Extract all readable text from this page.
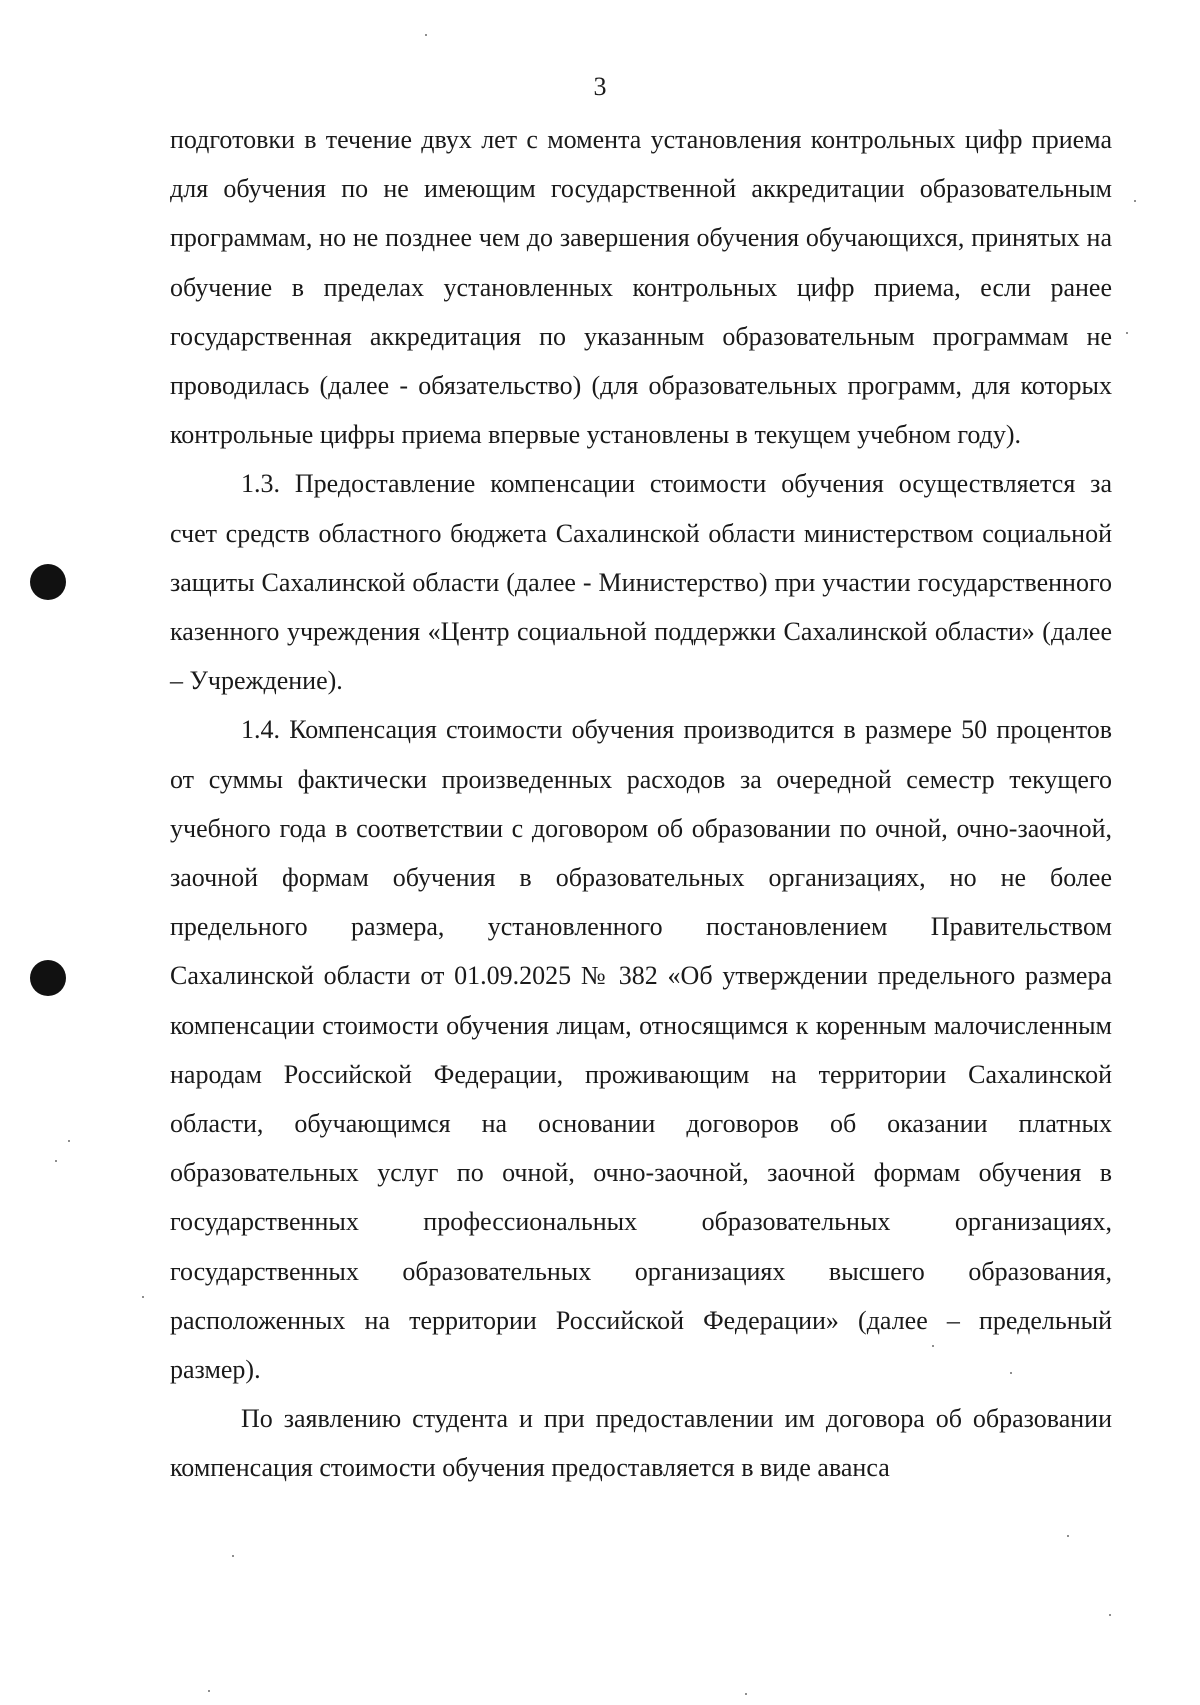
3

подготовки в течение двух лет с момента установления контрольных цифр приема для обучения по не имеющим государственной аккредитации образовательным программам, но не позднее чем до завершения обучения обучающихся, принятых на обучение в пределах установленных контрольных цифр приема, если ранее государственная аккредитация по указанным образовательным программам не проводилась (далее - обязательство) (для образовательных программ, для которых контрольные цифры приема впервые установлены в текущем учебном году).

1.3. Предоставление компенсации стоимости обучения осуществляется за счет средств областного бюджета Сахалинской области министерством социальной защиты Сахалинской области (далее - Министерство) при участии государственного казенного учреждения «Центр социальной поддержки Сахалинской области» (далее – Учреждение).

1.4. Компенсация стоимости обучения производится в размере 50 процентов от суммы фактически произведенных расходов за очередной семестр текущего учебного года в соответствии с договором об образовании по очной, очно-заочной, заочной формам обучения в образовательных организациях, но не более предельного размера, установленного постановлением Правительством Сахалинской области от 01.09.2025 № 382 «Об утверждении предельного размера компенсации стоимости обучения лицам, относящимся к коренным малочисленным народам Российской Федерации, проживающим на территории Сахалинской области, обучающимся на основании договоров об оказании платных образовательных услуг по очной, очно-заочной, заочной формам обучения в государственных профессиональных образовательных организациях, государственных образовательных организациях высшего образования, расположенных на территории Российской Федерации» (далее – предельный размер).

По заявлению студента и при предоставлении им договора об образовании компенсация стоимости обучения предоставляется в виде аванса
